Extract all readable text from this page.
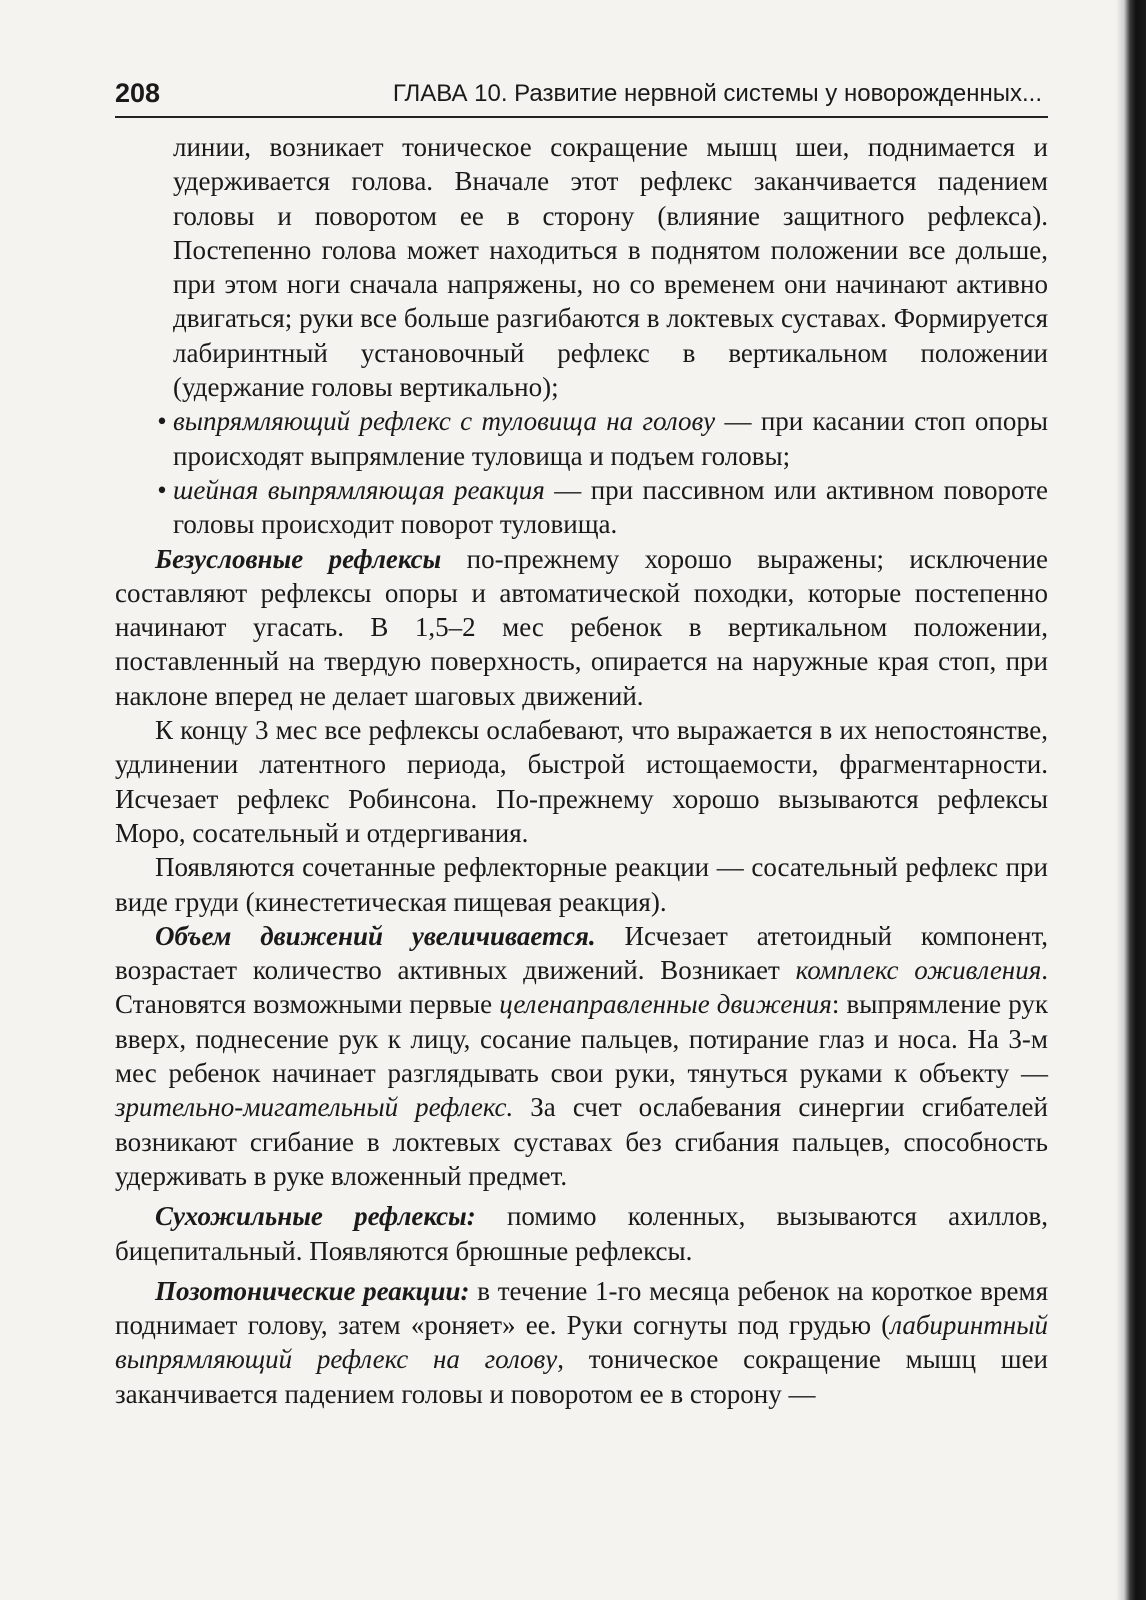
208	ГЛАВА 10. Развитие нервной системы у новорожденных...

линии, возникает тоническое сокращение мышц шеи, поднимается и удерживается голова. Вначале этот рефлекс заканчивается падением головы и поворотом ее в сторону (влияние защитного рефлекса). Постепенно голова может находиться в поднятом положении все дольше, при этом ноги сначала напряжены, но со временем они начинают активно двигаться; руки все больше разгибаются в локтевых суставах. Формируется лабиринтный установочный рефлекс в вертикальном положении (удержание головы вертикально);

• выпрямляющий рефлекс с туловища на голову — при касании стоп опоры происходят выпрямление туловища и подъем головы;

• шейная выпрямляющая реакция — при пассивном или активном повороте головы происходит поворот туловища.

Безусловные рефлексы по-прежнему хорошо выражены; исключение составляют рефлексы опоры и автоматической походки, которые постепенно начинают угасать. В 1,5–2 мес ребенок в вертикальном положении, поставленный на твердую поверхность, опирается на наружные края стоп, при наклоне вперед не делает шаговых движений.

К концу 3 мес все рефлексы ослабевают, что выражается в их непостоянстве, удлинении латентного периода, быстрой истощаемости, фрагментарности. Исчезает рефлекс Робинсона. По-прежнему хорошо вызываются рефлексы Моро, сосательный и отдергивания.

Появляются сочетанные рефлекторные реакции — сосательный рефлекс при виде груди (кинестетическая пищевая реакция).

Объем движений увеличивается. Исчезает атетоидный компонент, возрастает количество активных движений. Возникает комплекс оживления. Становятся возможными первые целенаправленные движения: выпрямление рук вверх, поднесение рук к лицу, сосание пальцев, потирание глаз и носа. На 3-м мес ребенок начинает разглядывать свои руки, тянуться руками к объекту — зрительно-мигательный рефлекс. За счет ослабевания синергии сгибателей возникают сгибание в локтевых суставах без сгибания пальцев, способность удерживать в руке вложенный предмет.

Сухожильные рефлексы: помимо коленных, вызываются ахиллов, бицепитальный. Появляются брюшные рефлексы.

Позотонические реакции: в течение 1-го месяца ребенок на короткое время поднимает голову, затем «роняет» ее. Руки согнуты под грудью (лабиринтный выпрямляющий рефлекс на голову, тоническое сокращение мышц шеи заканчивается падением головы и поворотом ее в сторону —
